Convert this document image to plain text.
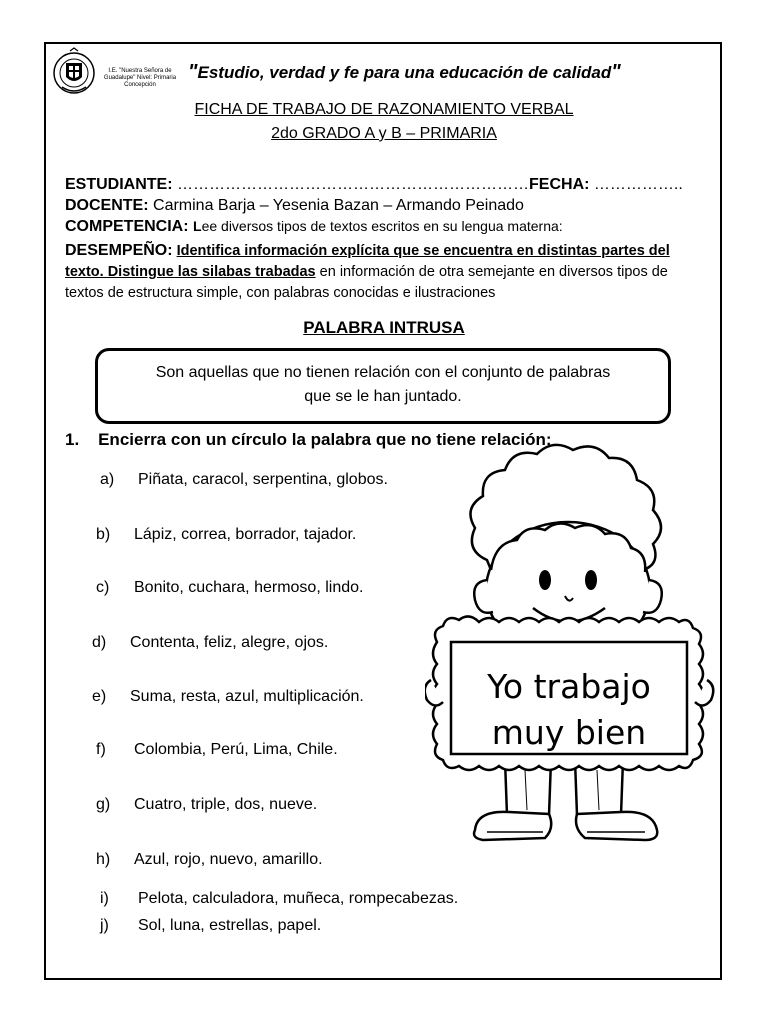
I.E. "Nuestra Señora de Guadalupe" Nivel: Primaria Concepción
"Estudio, verdad y fe para una educación de calidad"
FICHA DE TRABAJO DE RAZONAMIENTO VERBAL
2do GRADO A y B – PRIMARIA
ESTUDIANTE: …………………………………………………………FECHA: ……………..
DOCENTE: Carmina Barja – Yesenia Bazan – Armando Peinado
COMPETENCIA: Lee diversos tipos de textos escritos en su lengua materna:
DESEMPEÑO: Identifica información explícita que se encuentra en distintas partes del texto. Distingue las silabas trabadas en información de otra semejante en diversos tipos de textos de estructura simple, con palabras conocidas e ilustraciones
PALABRA INTRUSA
Son aquellas que no tienen relación con el conjunto de palabras
que se le han juntado.
1. Encierra con un círculo la palabra que no tiene relación:
a) Piñata, caracol, serpentina, globos.
b) Lápiz, correa, borrador, tajador.
c) Bonito, cuchara, hermoso, lindo.
d) Contenta, feliz, alegre, ojos.
e) Suma, resta, azul, multiplicación.
f) Colombia, Perú, Lima, Chile.
g) Cuatro, triple, dos, nueve.
h) Azul, rojo, nuevo, amarillo.
i) Pelota, calculadora, muñeca, rompecabezas.
j) Sol, luna, estrellas, papel.
Yo trabajo
muy bien
